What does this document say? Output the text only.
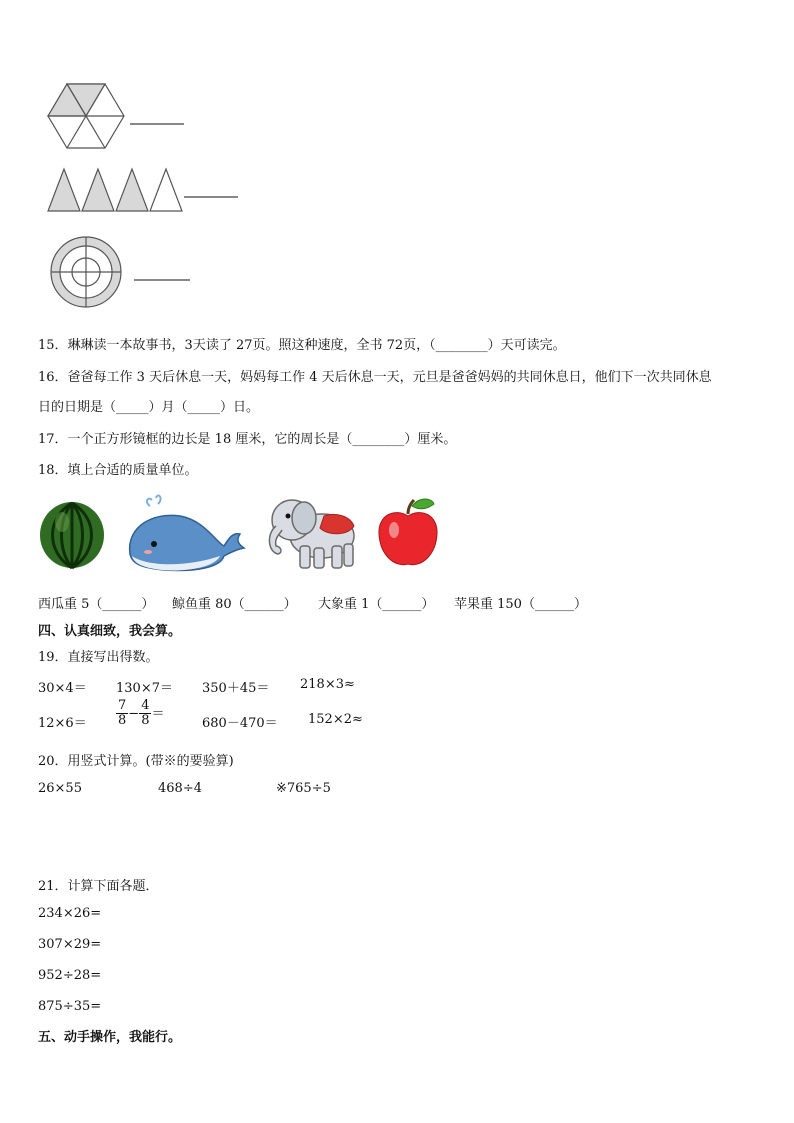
15．琳琳读一本故事书，3天读了 27页。照这种速度，全书 72页，（________）天可读完。
16．爸爸每工作 3 天后休息一天，妈妈每工作 4 天后休息一天，元旦是爸爸妈妈的共同休息日，他们下一次共同休息
日的日期是（_____）月（_____）日。
17．一个正方形镜框的边长是 18 厘米，它的周长是（________）厘米。
18．填上合适的质量单位。
西瓜重 5（______） 鲸鱼重 80（______） 大象重 1（______） 苹果重 150（______）
四、认真细致，我会算。
19．直接写出得数。
30×4＝ 130×7＝ 350＋45＝ 218×3≈
$12\times 6= \frac{7}{8} - \frac{4}{8}$ ＝
680－470＝ 152×2≈
20．用竖式计算。(带※的要验算)
26×55	468÷4	※765÷5
21．计算下面各题．
234×26=
307×29=
952÷28=
875÷35=
五、动手操作，我能行。
